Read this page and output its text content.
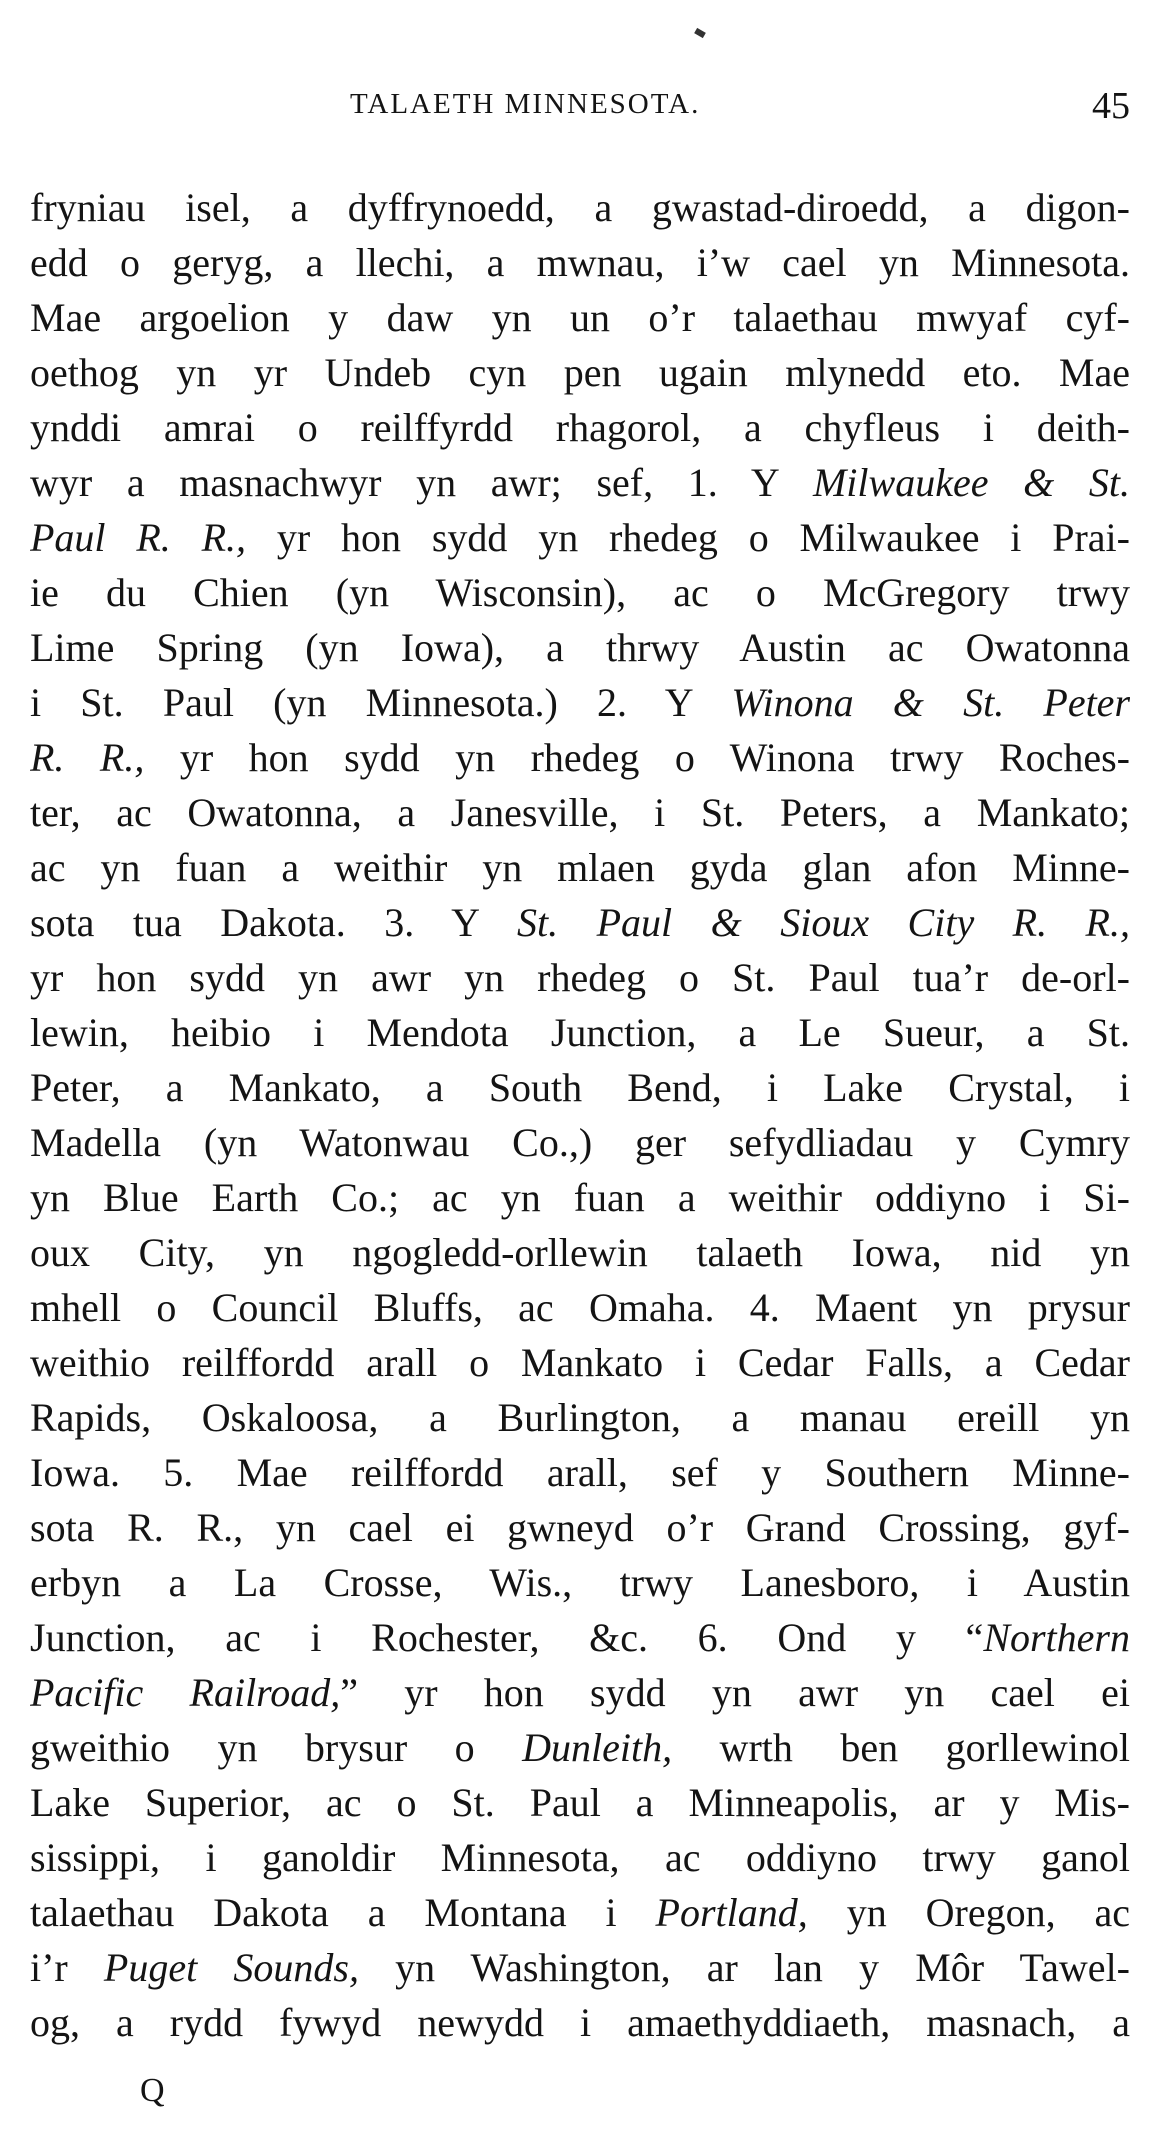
TALAETH MINNESOTA.	45
fryniau isel, a dyffrynoedd, a gwastad-diroedd, a digon-
edd o geryg, a llechi, a mwnau, i’w cael yn Minnesota.
Mae argoelion y daw yn un o’r talaethau mwyaf cyf-
oethog yn yr Undeb cyn pen ugain mlynedd eto. Mae
ynddi amrai o reilffyrdd rhagorol, a chyfleus i deith-
wyr a masnachwyr yn awr; sef, 1. Y Milwaukee & St.
Paul R. R., yr hon sydd yn rhedeg o Milwaukee i Prai-
ie du Chien (yn Wisconsin), ac o McGregory trwy
Lime Spring (yn Iowa), a thrwy Austin ac Owatonna
i St. Paul (yn Minnesota.) 2. Y Winona & St. Peter
R. R., yr hon sydd yn rhedeg o Winona trwy Roches-
ter, ac Owatonna, a Janesville, i St. Peters, a Mankato;
ac yn fuan a weithir yn mlaen gyda glan afon Minne-
sota tua Dakota. 3. Y St. Paul & Sioux City R. R.,
yr hon sydd yn awr yn rhedeg o St. Paul tua’r de-orl-
lewin, heibio i Mendota Junction, a Le Sueur, a St.
Peter, a Mankato, a South Bend, i Lake Crystal, i
Madella (yn Watonwau Co.,) ger sefydliadau y Cymry
yn Blue Earth Co.; ac yn fuan a weithir oddiyno i Si-
oux City, yn ngogledd-orllewin talaeth Iowa, nid yn
mhell o Council Bluffs, ac Omaha. 4. Maent yn prysur
weithio reilffordd arall o Mankato i Cedar Falls, a Cedar
Rapids, Oskaloosa, a Burlington, a manau ereill yn
Iowa. 5. Mae reilffordd arall, sef y Southern Minne-
sota R. R., yn cael ei gwneyd o’r Grand Crossing, gyf-
erbyn a La Crosse, Wis., trwy Lanesboro, i Austin
Junction, ac i Rochester, &c. 6. Ond y “Northern
Pacific Railroad,” yr hon sydd yn awr yn cael ei
gweithio yn brysur o Dunleith, wrth ben gorllewinol
Lake Superior, ac o St. Paul a Minneapolis, ar y Mis-
sissippi, i ganoldir Minnesota, ac oddiyno trwy ganol
talaethau Dakota a Montana i Portland, yn Oregon, ac
i’r Puget Sounds, yn Washington, ar lan y Môr Tawel-
og, a rydd fywyd newydd i amaethyddiaeth, masnach, a
Q
